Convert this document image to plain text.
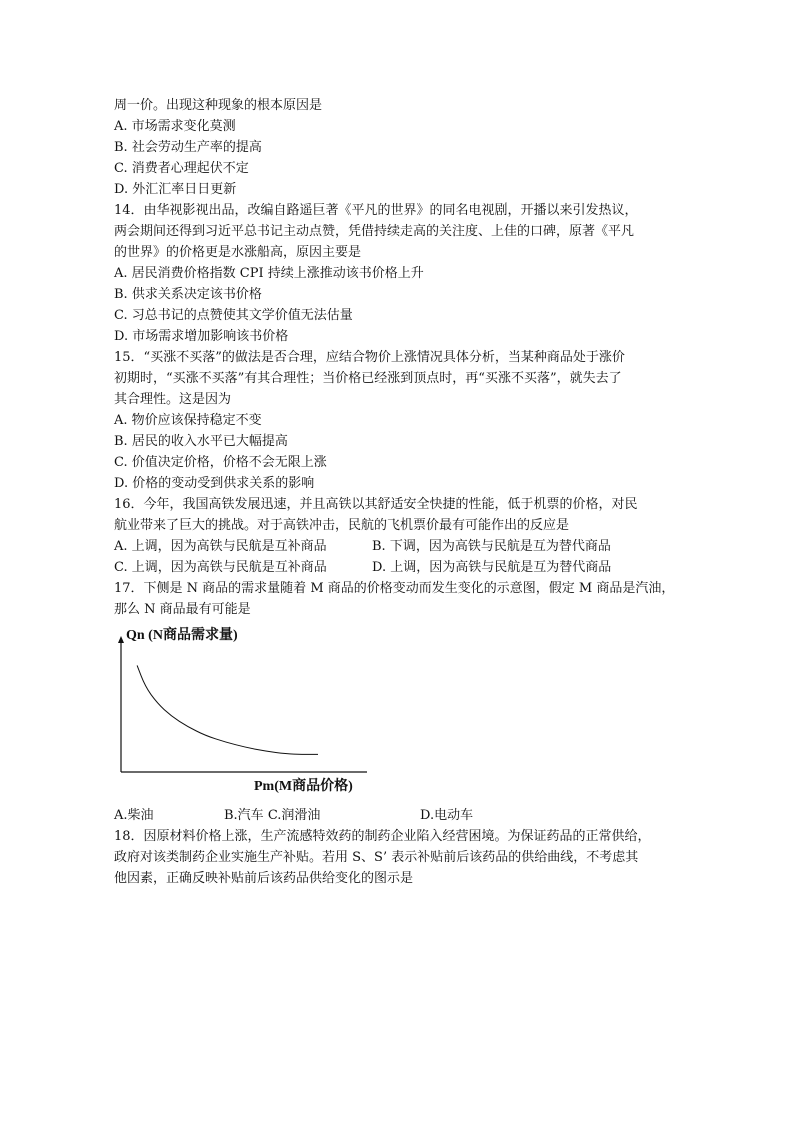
周一价。出现这种现象的根本原因是
A. 市场需求变化莫测
B. 社会劳动生产率的提高
C. 消费者心理起伏不定
D. 外汇汇率日日更新
14．由华视影视出品，改编自路遥巨著《平凡的世界》的同名电视剧，开播以来引发热议，
两会期间还得到习近平总书记主动点赞，凭借持续走高的关注度、上佳的口碑，原著《平凡
的世界》的价格更是水涨船高，原因主要是
A. 居民消费价格指数 CPI 持续上涨推动该书价格上升
B. 供求关系决定该书价格
C. 习总书记的点赞使其文学价值无法估量
D. 市场需求增加影响该书价格
15．“买涨不买落”的做法是否合理，应结合物价上涨情况具体分析，当某种商品处于涨价
初期时，“买涨不买落”有其合理性；当价格已经涨到顶点时，再“买涨不买落”，就失去了
其合理性。这是因为
A. 物价应该保持稳定不变
B. 居民的收入水平已大幅提高
C. 价值决定价格，价格不会无限上涨
D. 价格的变动受到供求关系的影响
16．今年，我国高铁发展迅速，并且高铁以其舒适安全快捷的性能，低于机票的价格，对民
航业带来了巨大的挑战。对于高铁冲击，民航的飞机票价最有可能作出的反应是
A. 上调，因为高铁与民航是互补商品	B. 下调，因为高铁与民航是互为替代商品
C. 上调，因为高铁与民航是互补商品	D. 上调，因为高铁与民航是互为替代商品
17．下侧是 N 商品的需求量随着 M 商品的价格变动而发生变化的示意图，假定 M 商品是汽油，
那么 N 商品最有可能是
Qn (N商品需求量)
Pm(M商品价格)
A.柴油	B.汽车 C.润滑油	D.电动车
18．因原材料价格上涨，生产流感特效药的制药企业陷入经营困境。为保证药品的正常供给，
政府对该类制药企业实施生产补贴。若用 S、S’ 表示补贴前后该药品的供给曲线，不考虑其
他因素，正确反映补贴前后该药品供给变化的图示是
